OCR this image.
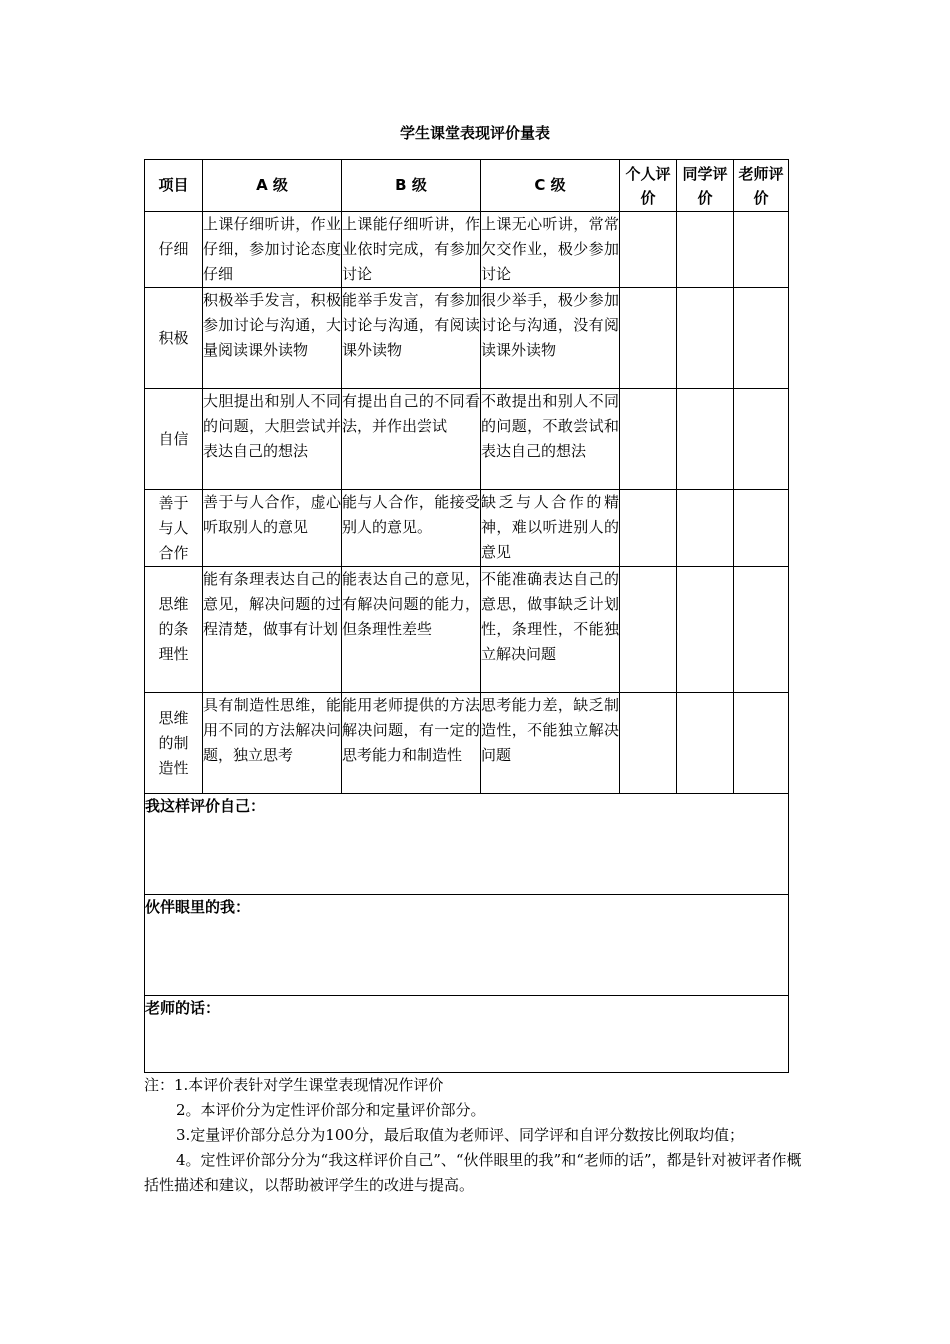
学生课堂表现评价量表
项目	A 级	B 级	C 级	个人评价	同学评价	老师评价
仔细	上课仔细听讲，作业仔细，参加讨论态度仔细	上课能仔细听讲，作业依时完成，有参加讨论	上课无心听讲，常常欠交作业，极少参加讨论			
积极	积极举手发言，积极参加讨论与沟通，大量阅读课外读物	能举手发言，有参加讨论与沟通，有阅读课外读物	很少举手，极少参加讨论与沟通，没有阅读课外读物			
自信	大胆提出和别人不同的问题，大胆尝试并表达自己的想法	有提出自己的不同看法，并作出尝试	不敢提出和别人不同的问题，不敢尝试和表达自己的想法			
善于与人合作	善于与人合作，虚心听取别人的意见	能与人合作，能接受别人的意见。	缺乏与人合作的精神，难以听进别人的意见			
思维的条理性	能有条理表达自己的意见，解决问题的过程清楚，做事有计划	能表达自己的意见，有解决问题的能力，但条理性差些	不能准确表达自己的意思，做事缺乏计划性，条理性，不能独立解决问题			
思维的制造性	具有制造性思维，能用不同的方法解决问题，独立思考	能用老师提供的方法解决问题，有一定的思考能力和制造性	思考能力差，缺乏制造性，不能独立解决问题			
我这样评价自己：						
伙伴眼里的我：						
老师的话：						

注：1.本评价表针对学生课堂表现情况作评价

2。本评价分为定性评价部分和定量评价部分。

3.定量评价部分总分为100分，最后取值为老师评、同学评和自评分数按比例取均值；

4。定性评价部分分为“我这样评价自己”、“伙伴眼里的我”和“老师的话”，都是针对被评者作概括性描述和建议，以帮助被评学生的改进与提高。
